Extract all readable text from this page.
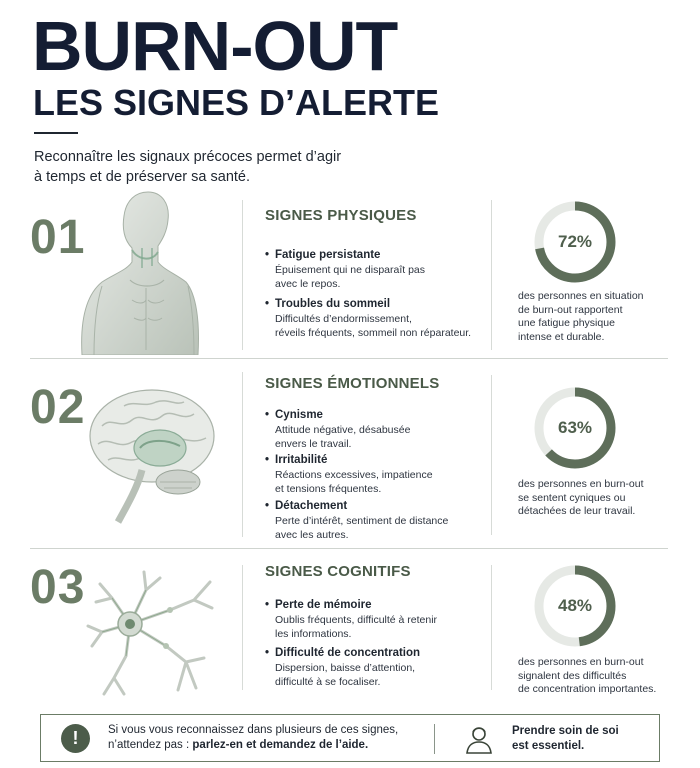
BURN-OUT
LES SIGNES D’ALERTE
Reconnaître les signaux précoces permet d’agir
à temps et de préserver sa santé.
01	SIGNES PHYSIQUES
• Fatigue persistante
Épuisement qui ne disparaît pas
avec le repos.
• Troubles du sommeil
Difficultés d’endormissement,
réveils fréquents, sommeil non réparateur.
72%
des personnes en situation
de burn-out rapportent
une fatigue physique
intense et durable.
02	SIGNES ÉMOTIONNELS
• Cynisme
Attitude négative, désabusée
envers le travail.
• Irritabilité
Réactions excessives, impatience
et tensions fréquentes.
• Détachement
Perte d’intérêt, sentiment de distance
avec les autres.
63%
des personnes en burn-out
se sentent cyniques ou
détachées de leur travail.
03	SIGNES COGNITIFS
• Perte de mémoire
Oublis fréquents, difficulté à retenir
les informations.
• Difficulté de concentration
Dispersion, baisse d’attention,
difficulté à se focaliser.
48%
des personnes en burn-out
signalent des difficultés
de concentration importantes.
!	Si vous vous reconnaissez dans plusieurs de ces signes,
n’attendez pas : parlez-en et demandez de l’aide.
Prendre soin de soi
est essentiel.
